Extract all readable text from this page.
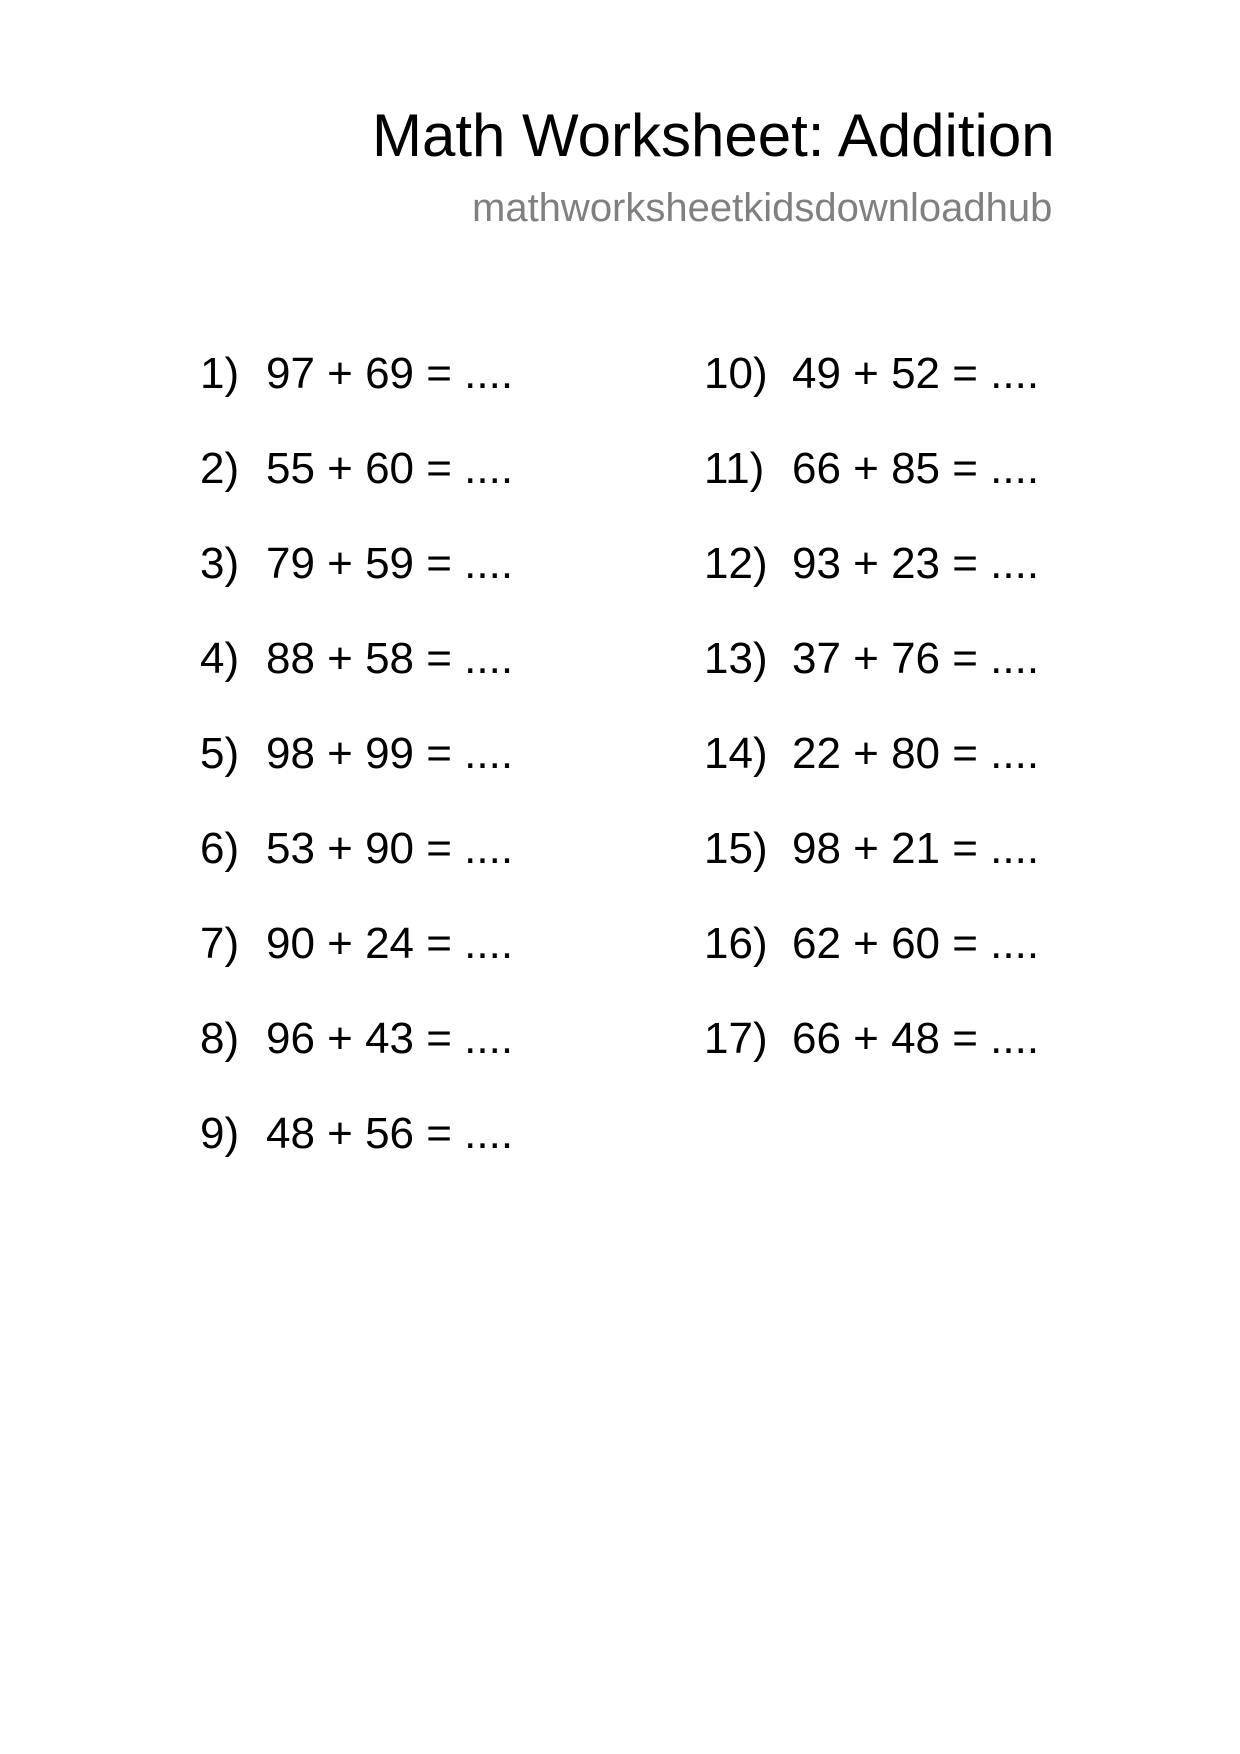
Math Worksheet: Addition
mathworksheetkidsdownloadhub
1) 97 + 69 = ....
2) 55 + 60 = ....
3) 79 + 59 = ....
4) 88 + 58 = ....
5) 98 + 99 = ....
6) 53 + 90 = ....
7) 90 + 24 = ....
8) 96 + 43 = ....
9) 48 + 56 = ....
10) 49 + 52 = ....
11) 66 + 85 = ....
12) 93 + 23 = ....
13) 37 + 76 = ....
14) 22 + 80 = ....
15) 98 + 21 = ....
16) 62 + 60 = ....
17) 66 + 48 = ....
